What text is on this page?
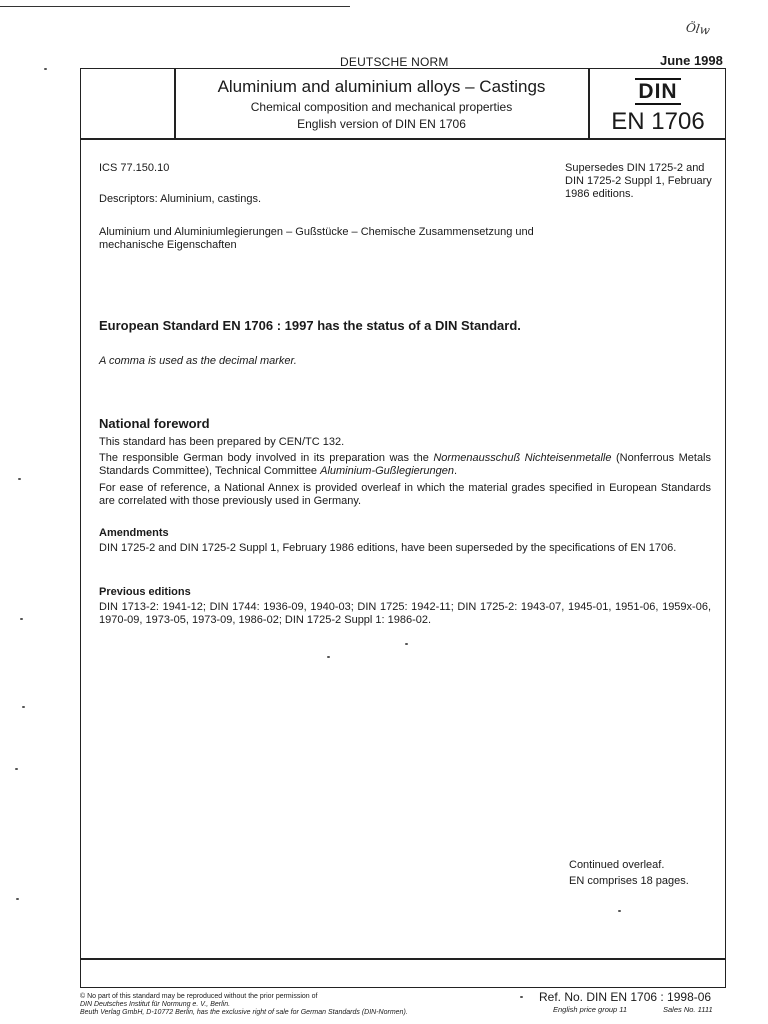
Ölw
DEUTSCHE NORM	June 1998
Aluminium and aluminium alloys – Castings
Chemical composition and mechanical properties
English version of DIN EN 1706
DIN
EN 1706
ICS 77.150.10
Descriptors: Aluminium, castings.
Aluminium und Aluminiumlegierungen – Gußstücke – Chemische Zusammensetzung und mechanische Eigenschaften
Supersedes DIN 1725-2 and DIN 1725-2 Suppl 1, February 1986 editions.
European Standard EN 1706 : 1997 has the status of a DIN Standard.
A comma is used as the decimal marker.
National foreword
This standard has been prepared by CEN/TC 132.
The responsible German body involved in its preparation was the Normenausschuß Nichteisenmetalle (Nonferrous Metals Standards Committee), Technical Committee Aluminium-Gußlegierungen.
For ease of reference, a National Annex is provided overleaf in which the material grades specified in European Standards are correlated with those previously used in Germany.
Amendments
DIN 1725-2 and DIN 1725-2 Suppl 1, February 1986 editions, have been superseded by the specifications of EN 1706.
Previous editions
DIN 1713-2: 1941-12; DIN 1744: 1936-09, 1940-03; DIN 1725: 1942-11; DIN 1725-2: 1943-07, 1945-01, 1951-06, 1959x-06, 1970-09, 1973-05, 1973-09, 1986-02; DIN 1725-2 Suppl 1: 1986-02.
Continued overleaf.
EN comprises 18 pages.
© No part of this standard may be reproduced without the prior permission of
DIN Deutsches Institut für Normung e. V., Berlin.
Beuth Verlag GmbH, D-10772 Berlin, has the exclusive right of sale for German Standards (DIN-Normen).
Ref. No. DIN EN 1706 : 1998-06
English price group 11	Sales No. 1111
